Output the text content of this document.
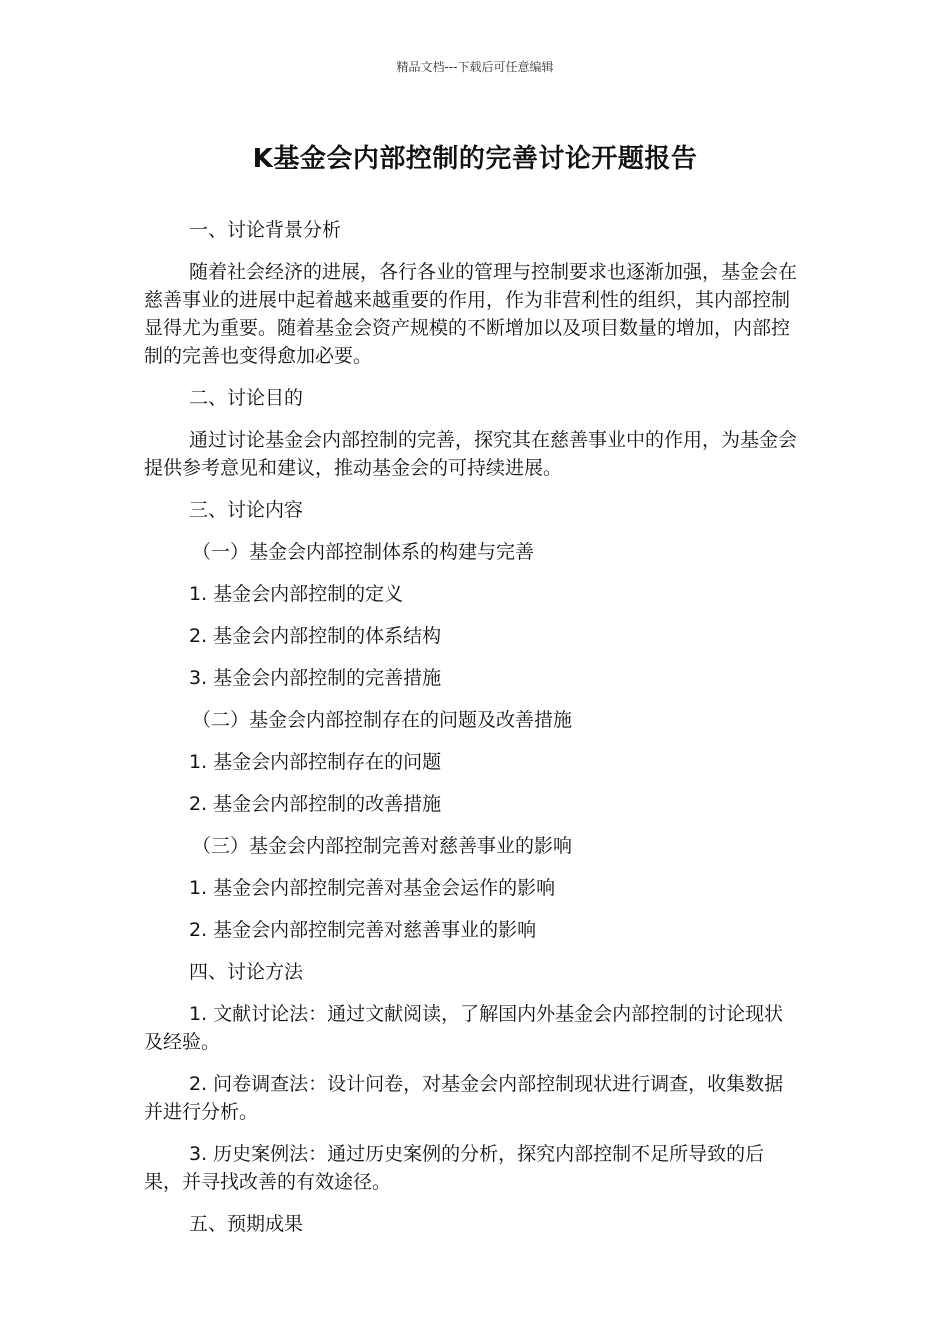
精品文档---下载后可任意编辑
K基金会内部控制的完善讨论开题报告

一、讨论背景分析

随着社会经济的进展，各行各业的管理与控制要求也逐渐加强，基金会在慈善事业的进展中起着越来越重要的作用，作为非营利性的组织，其内部控制显得尤为重要。随着基金会资产规模的不断增加以及项目数量的增加，内部控制的完善也变得愈加必要。

二、讨论目的

通过讨论基金会内部控制的完善，探究其在慈善事业中的作用，为基金会提供参考意见和建议，推动基金会的可持续进展。

三、讨论内容

（一）基金会内部控制体系的构建与完善

1. 基金会内部控制的定义

2. 基金会内部控制的体系结构

3. 基金会内部控制的完善措施

（二）基金会内部控制存在的问题及改善措施

1. 基金会内部控制存在的问题

2. 基金会内部控制的改善措施

（三）基金会内部控制完善对慈善事业的影响

1. 基金会内部控制完善对基金会运作的影响

2. 基金会内部控制完善对慈善事业的影响

四、讨论方法

1. 文献讨论法：通过文献阅读，了解国内外基金会内部控制的讨论现状及经验。

2. 问卷调查法：设计问卷，对基金会内部控制现状进行调查，收集数据并进行分析。

3. 历史案例法：通过历史案例的分析，探究内部控制不足所导致的后果，并寻找改善的有效途径。

五、预期成果
